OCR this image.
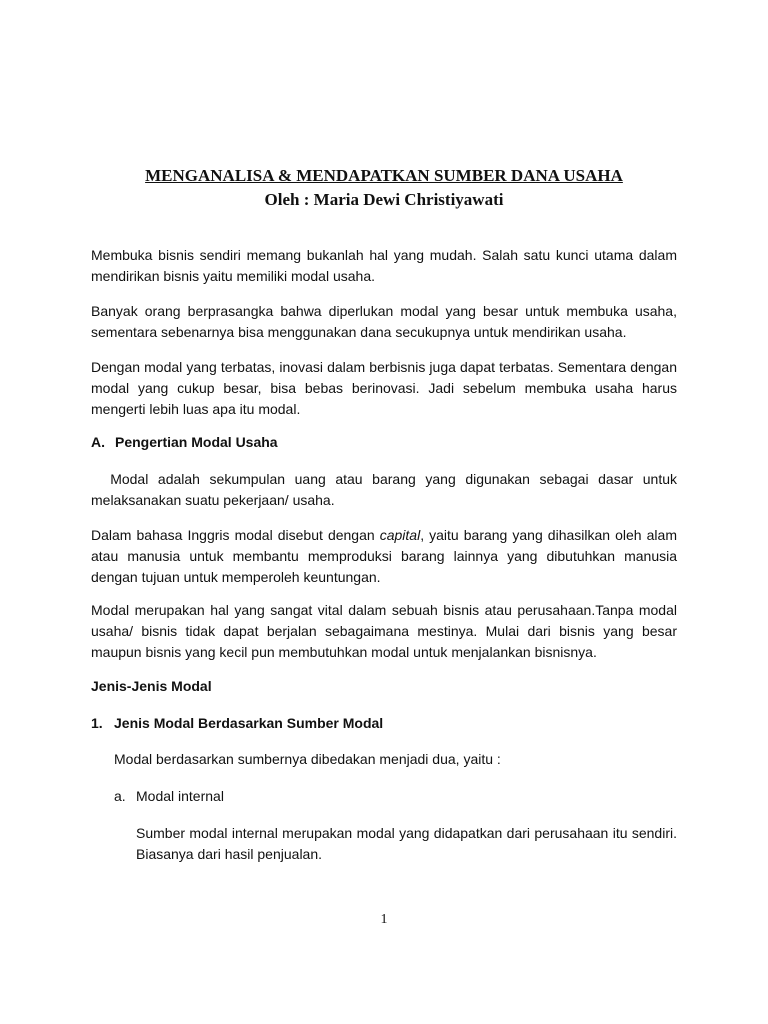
MENGANALISA & MENDAPATKAN SUMBER DANA USAHA
Oleh : Maria Dewi Christiyawati

Membuka bisnis sendiri memang bukanlah hal yang mudah. Salah satu kunci utama dalam mendirikan bisnis yaitu memiliki modal usaha.

Banyak orang berprasangka bahwa diperlukan modal yang besar untuk membuka usaha, sementara sebenarnya bisa menggunakan dana secukupnya untuk mendirikan usaha.

Dengan modal yang terbatas, inovasi dalam berbisnis juga dapat terbatas. Sementara dengan modal yang cukup besar, bisa bebas berinovasi. Jadi sebelum membuka usaha harus mengerti lebih luas apa itu modal.

A. Pengertian Modal Usaha

Modal adalah sekumpulan uang atau barang yang digunakan sebagai dasar untuk melaksanakan suatu pekerjaan/ usaha.

Dalam bahasa Inggris modal disebut dengan capital, yaitu barang yang dihasilkan oleh alam atau manusia untuk membantu memproduksi barang lainnya yang dibutuhkan manusia dengan tujuan untuk memperoleh keuntungan.

Modal merupakan hal yang sangat vital dalam sebuah bisnis atau perusahaan.Tanpa modal usaha/ bisnis tidak dapat berjalan sebagaimana mestinya. Mulai dari bisnis yang besar maupun bisnis yang kecil pun membutuhkan modal untuk menjalankan bisnisnya.

Jenis-Jenis Modal

1. Jenis Modal Berdasarkan Sumber Modal

Modal berdasarkan sumbernya dibedakan menjadi dua, yaitu :

a. Modal internal

Sumber modal internal merupakan modal yang didapatkan dari perusahaan itu sendiri. Biasanya dari hasil penjualan.

1
